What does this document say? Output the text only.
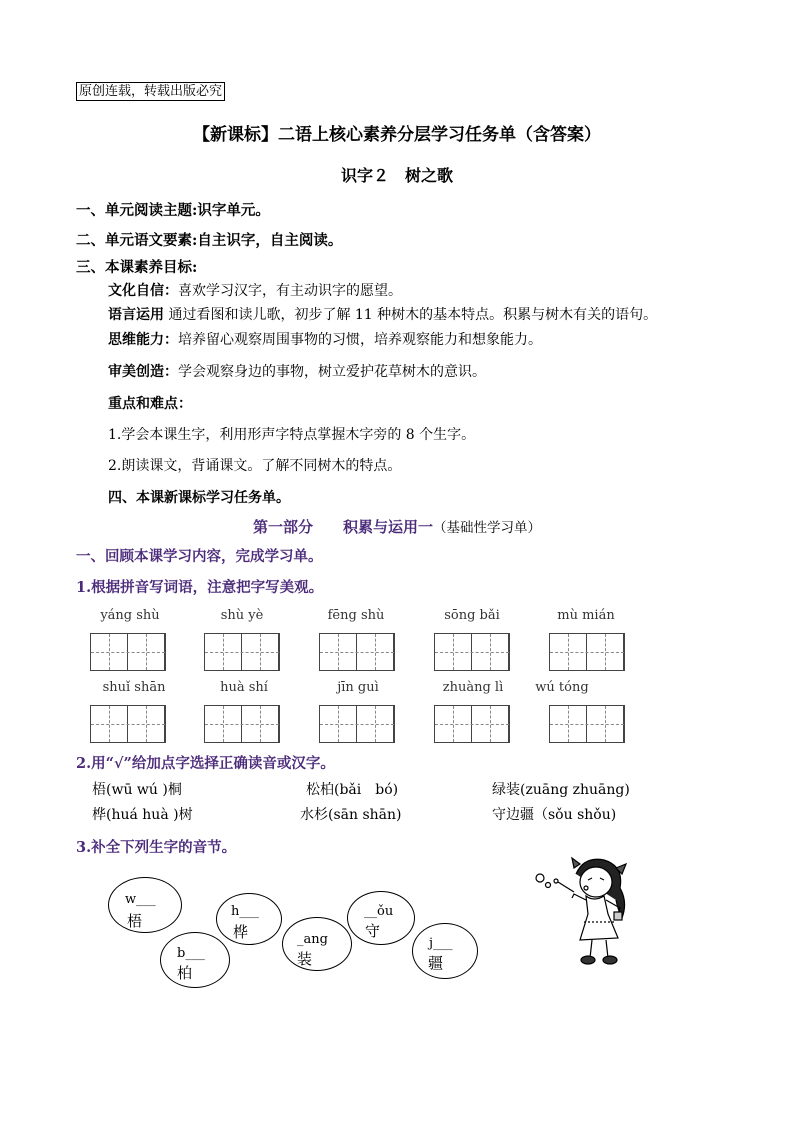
原创连载，转载出版必究
【新课标】二语上核心素养分层学习任务单（含答案）
识字２　树之歌
一、单元阅读主题:识字单元。
二、单元语文要素:自主识字，自主阅读。
三、本课素养目标:
文化自信：喜欢学习汉字，有主动识字的愿望。
语言运用 通过看图和读儿歌，初步了解 11 种树木的基本特点。积累与树木有关的语句。
思维能力：培养留心观察周围事物的习惯，培养观察能力和想象能力。
审美创造：学会观察身边的事物，树立爱护花草树木的意识。
重点和难点：
1.学会本课生字，利用形声字特点掌握木字旁的 8 个生字。
2.朗读课文，背诵课文。了解不同树木的特点。
四、本课新课标学习任务单。
第一部分　　积累与运用一（基础性学习单）
一、回顾本课学习内容，完成学习单。
1.根据拼音写词语，注意把字写美观。
yáng shù	shù yè	fēng shù	sōng bǎi	mù mián
shuǐ shān	huà shí	jīn guì	zhuàng lì	wú tóng
2.用“√”给加点字选择正确读音或汉字。
梧(wū wú )桐	松柏(bǎi　bó)	绿装(zuāng zhuāng)
桦(huá huà )树	水杉(sān shān)	守边疆（sǒu shǒu)
3.补全下列生字的音节。
w___
梧
h___
桦	_ang
装
__ǒu
守
b___
柏
j___
疆
